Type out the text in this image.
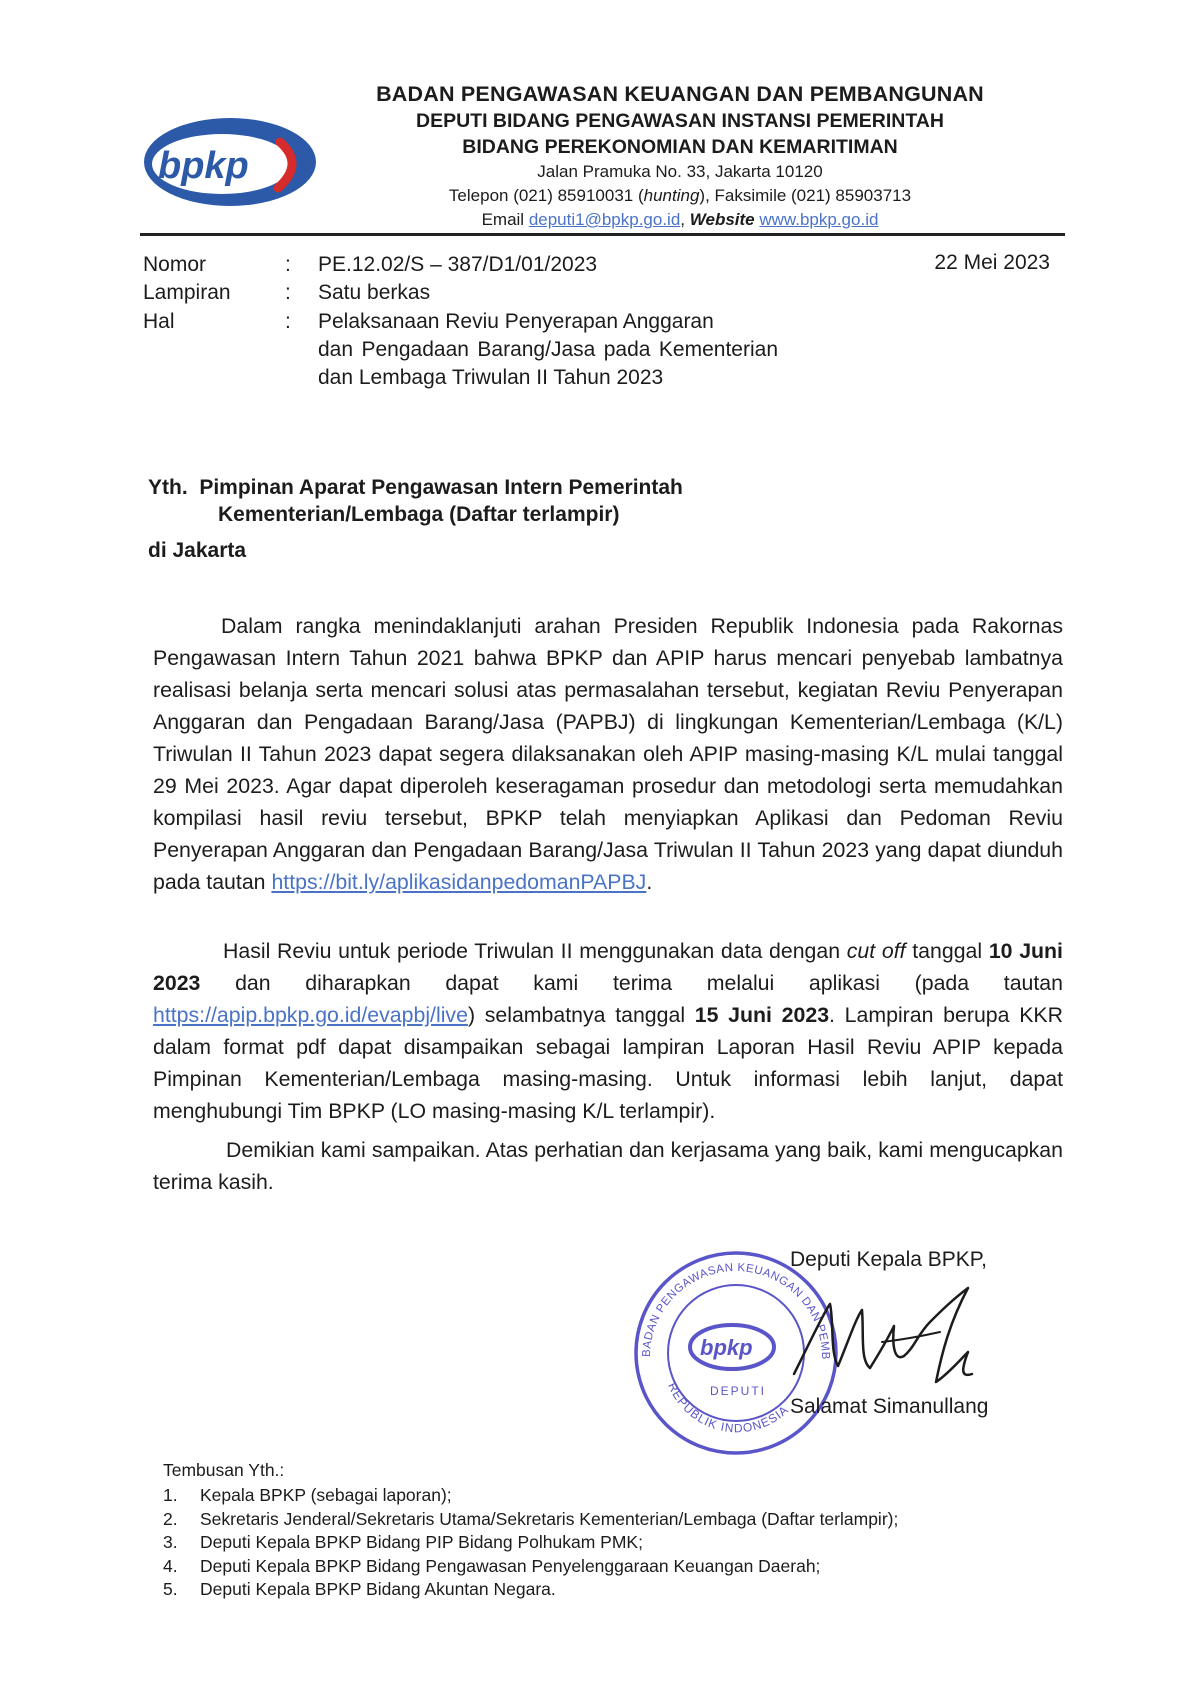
bpkp
BADAN PENGAWASAN KEUANGAN DAN PEMBANGUNAN
DEPUTI BIDANG PENGAWASAN INSTANSI PEMERINTAH
BIDANG PEREKONOMIAN DAN KEMARITIMAN
Jalan Pramuka No. 33, Jakarta 10120
Telepon (021) 85910031 (hunting), Faksimile (021) 85903713
Email deputi1@bpkp.go.id, Website www.bpkp.go.id
Nomor	: PE.12.02/S – 387/D1/01/2023	22 Mei 2023
Lampiran	: Satu berkas
Hal	: Pelaksanaan Reviu Penyerapan Anggaran
dan Pengadaan Barang/Jasa pada Kementerian dan Lembaga Triwulan II Tahun 2023
Yth. Pimpinan Aparat Pengawasan Intern Pemerintah
Kementerian/Lembaga (Daftar terlampir)
di Jakarta
Dalam rangka menindaklanjuti arahan Presiden Republik Indonesia pada Rakornas Pengawasan Intern Tahun 2021 bahwa BPKP dan APIP harus mencari penyebab lambatnya realisasi belanja serta mencari solusi atas permasalahan tersebut, kegiatan Reviu Penyerapan Anggaran dan Pengadaan Barang/Jasa (PAPBJ) di lingkungan Kementerian/Lembaga (K/L) Triwulan II Tahun 2023 dapat segera dilaksanakan oleh APIP masing-masing K/L mulai tanggal 29 Mei 2023. Agar dapat diperoleh keseragaman prosedur dan metodologi serta memudahkan kompilasi hasil reviu tersebut, BPKP telah menyiapkan Aplikasi dan Pedoman Reviu Penyerapan Anggaran dan Pengadaan Barang/Jasa Triwulan II Tahun 2023 yang dapat diunduh pada tautan https://bit.ly/aplikasidanpedomanPAPBJ.
Hasil Reviu untuk periode Triwulan II menggunakan data dengan cut off tanggal 10 Juni 2023 dan diharapkan dapat kami terima melalui aplikasi (pada tautan https://apip.bpkp.go.id/evapbj/live) selambatnya tanggal 15 Juni 2023. Lampiran berupa KKR dalam format pdf dapat disampaikan sebagai lampiran Laporan Hasil Reviu APIP kepada Pimpinan Kementerian/Lembaga masing-masing. Untuk informasi lebih lanjut, dapat menghubungi Tim BPKP (LO masing-masing K/L terlampir).
Demikian kami sampaikan. Atas perhatian dan kerjasama yang baik, kami mengucapkan terima kasih.
BADAN PENGAWASAN KEUANGAN DAN PEMB
REPUBLIK INDONESIA
bpkp
DEPUTI
Deputi Kepala BPKP,
Salamat Simanullang
Tembusan Yth.:
1.	Kepala BPKP (sebagai laporan);
2.	Sekretaris Jenderal/Sekretaris Utama/Sekretaris Kementerian/Lembaga (Daftar terlampir);
3.	Deputi Kepala BPKP Bidang PIP Bidang Polhukam PMK;
4.	Deputi Kepala BPKP Bidang Pengawasan Penyelenggaraan Keuangan Daerah;
5.	Deputi Kepala BPKP Bidang Akuntan Negara.
